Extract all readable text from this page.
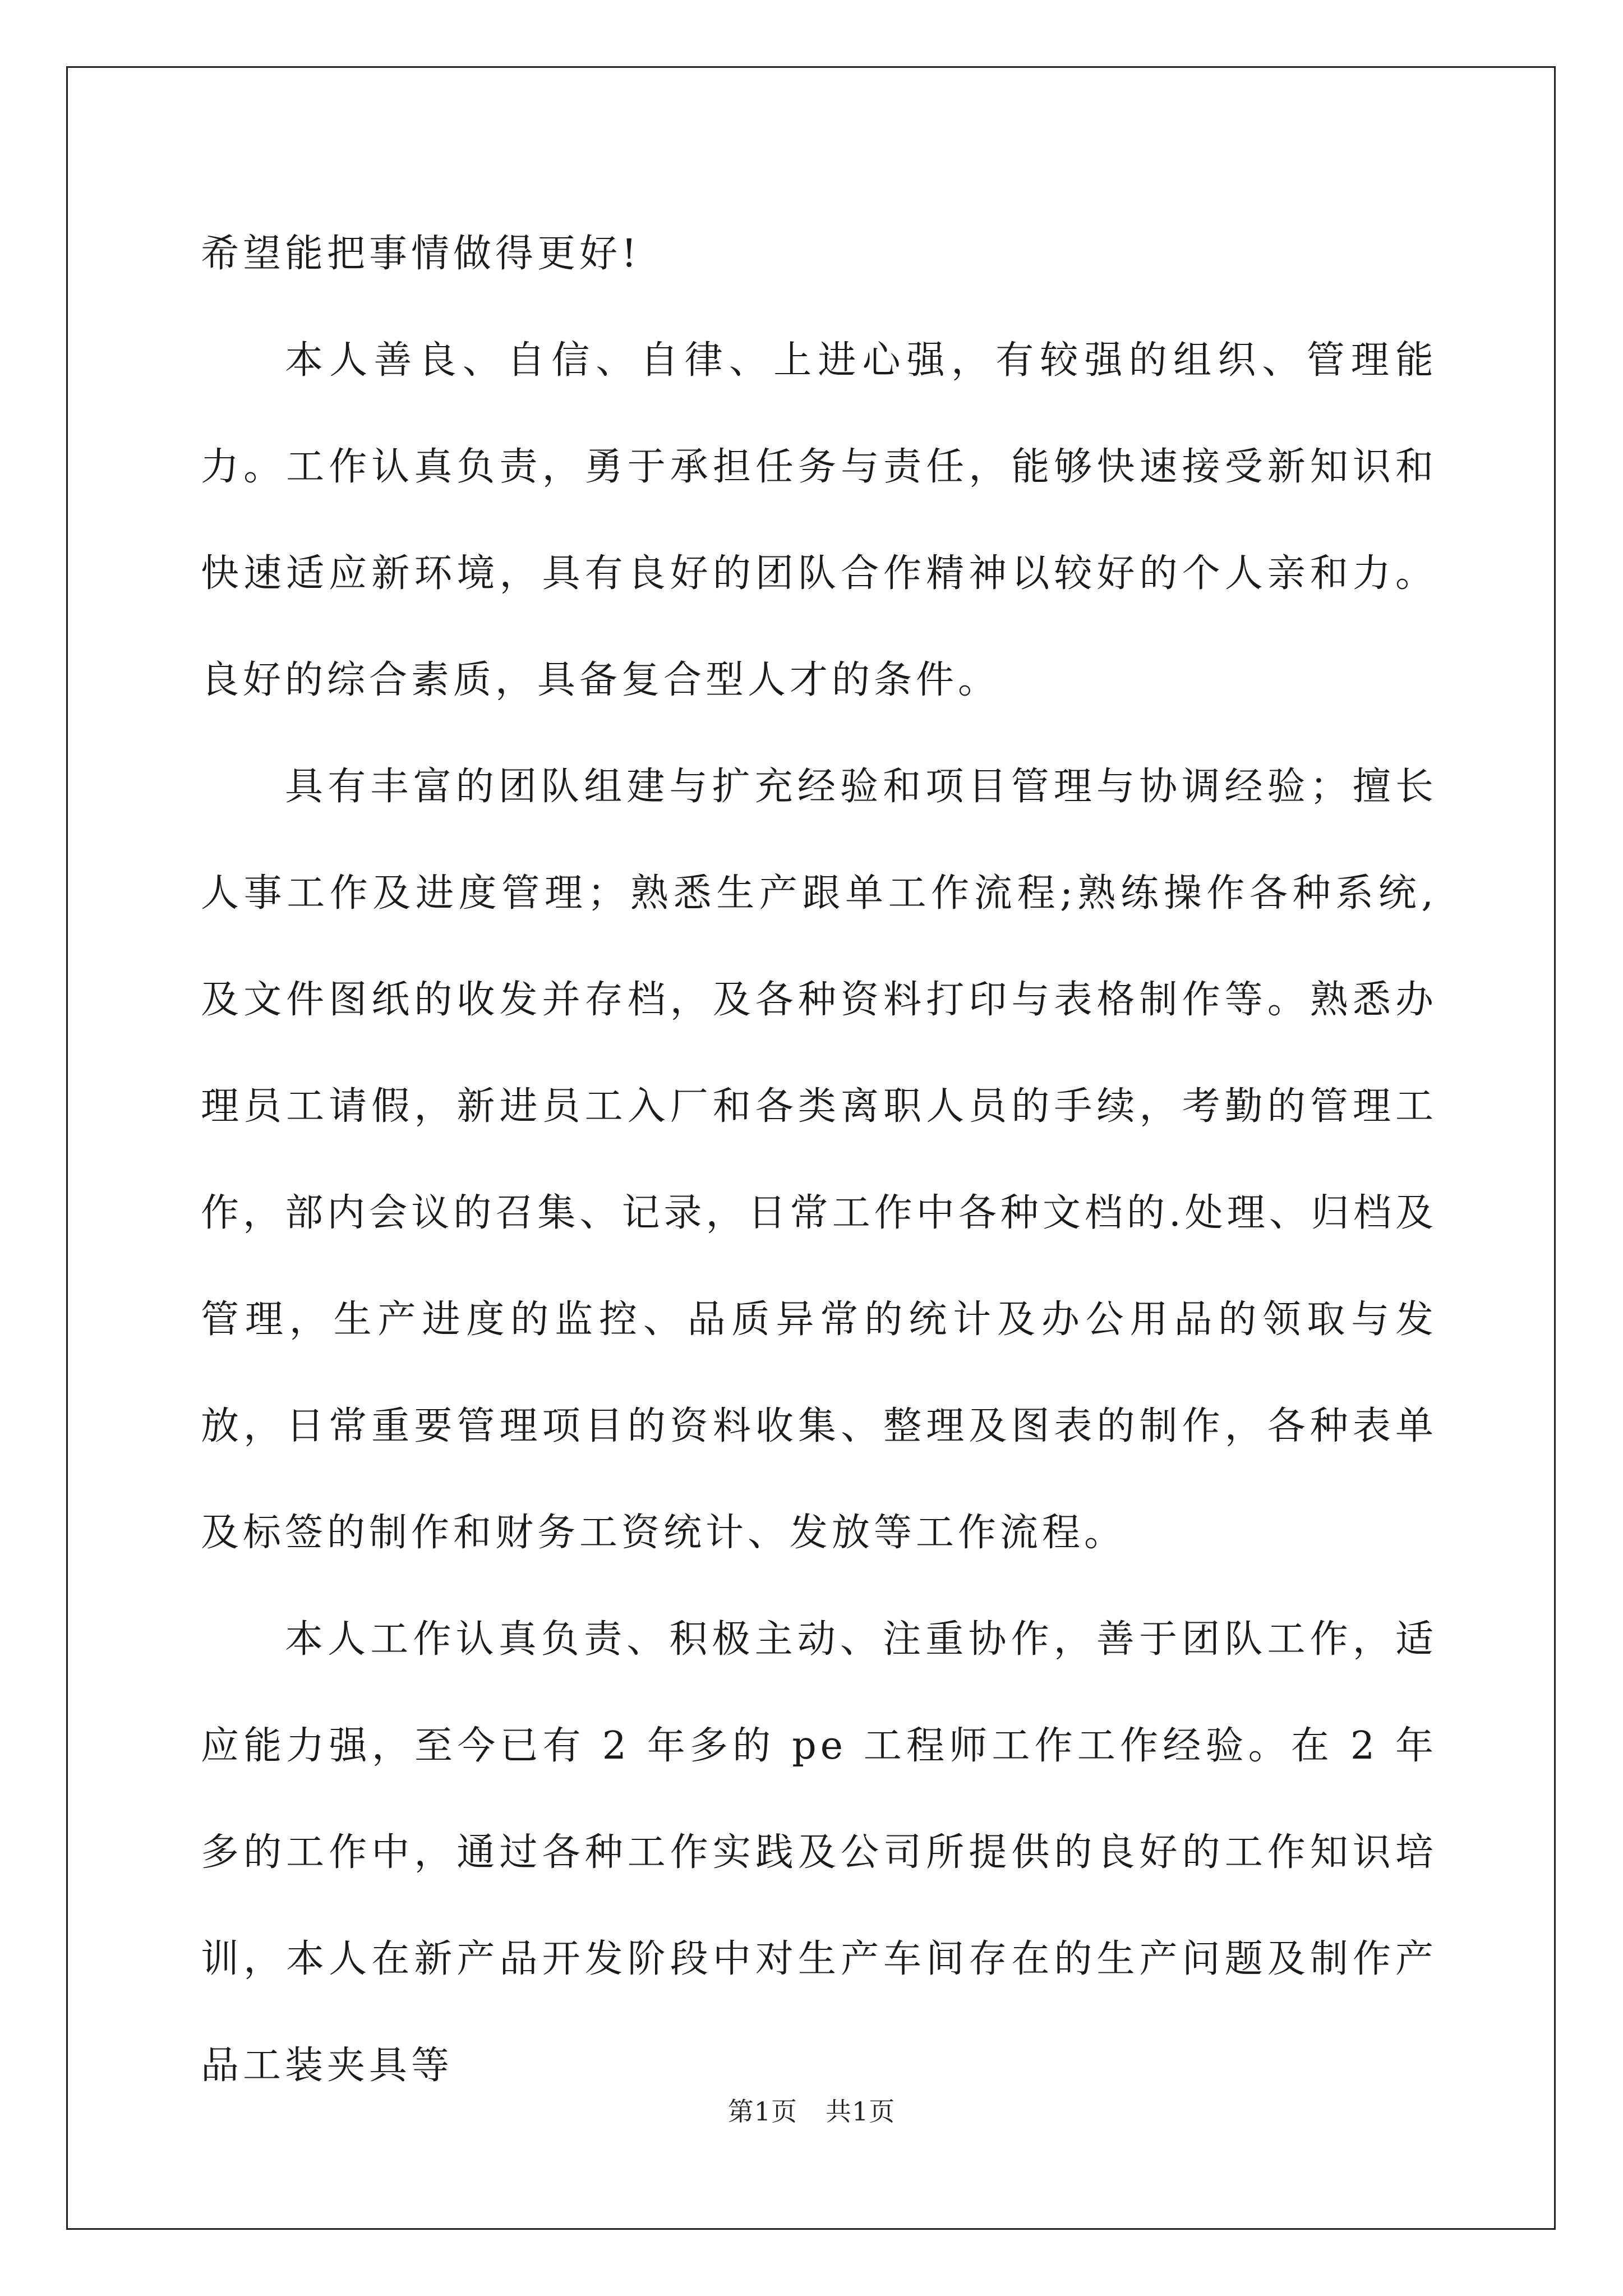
希望能把事情做得更好!

本人善良、自信、自律、上进心强，有较强的组织、管理能力。工作认真负责，勇于承担任务与责任，能够快速接受新知识和快速适应新环境，具有良好的团队合作精神以较好的个人亲和力。良好的综合素质，具备复合型人才的条件。

具有丰富的团队组建与扩充经验和项目管理与协调经验；擅长人事工作及进度管理；熟悉生产跟单工作流程;熟练操作各种系统,及文件图纸的收发并存档，及各种资料打印与表格制作等。熟悉办理员工请假，新进员工入厂和各类离职人员的手续，考勤的管理工作，部内会议的召集、记录，日常工作中各种文档的.处理、归档及管理，生产进度的监控、品质异常的统计及办公用品的领取与发放，日常重要管理项目的资料收集、整理及图表的制作，各种表单及标签的制作和财务工资统计、发放等工作流程。

本人工作认真负责、积极主动、注重协作，善于团队工作，适应能力强，至今已有 2 年多的 pe 工程师工作工作经验。在 2 年多的工作中，通过各种工作实践及公司所提供的良好的工作知识培训，本人在新产品开发阶段中对生产车间存在的生产问题及制作产品工装夹具等

第1页 共1页
